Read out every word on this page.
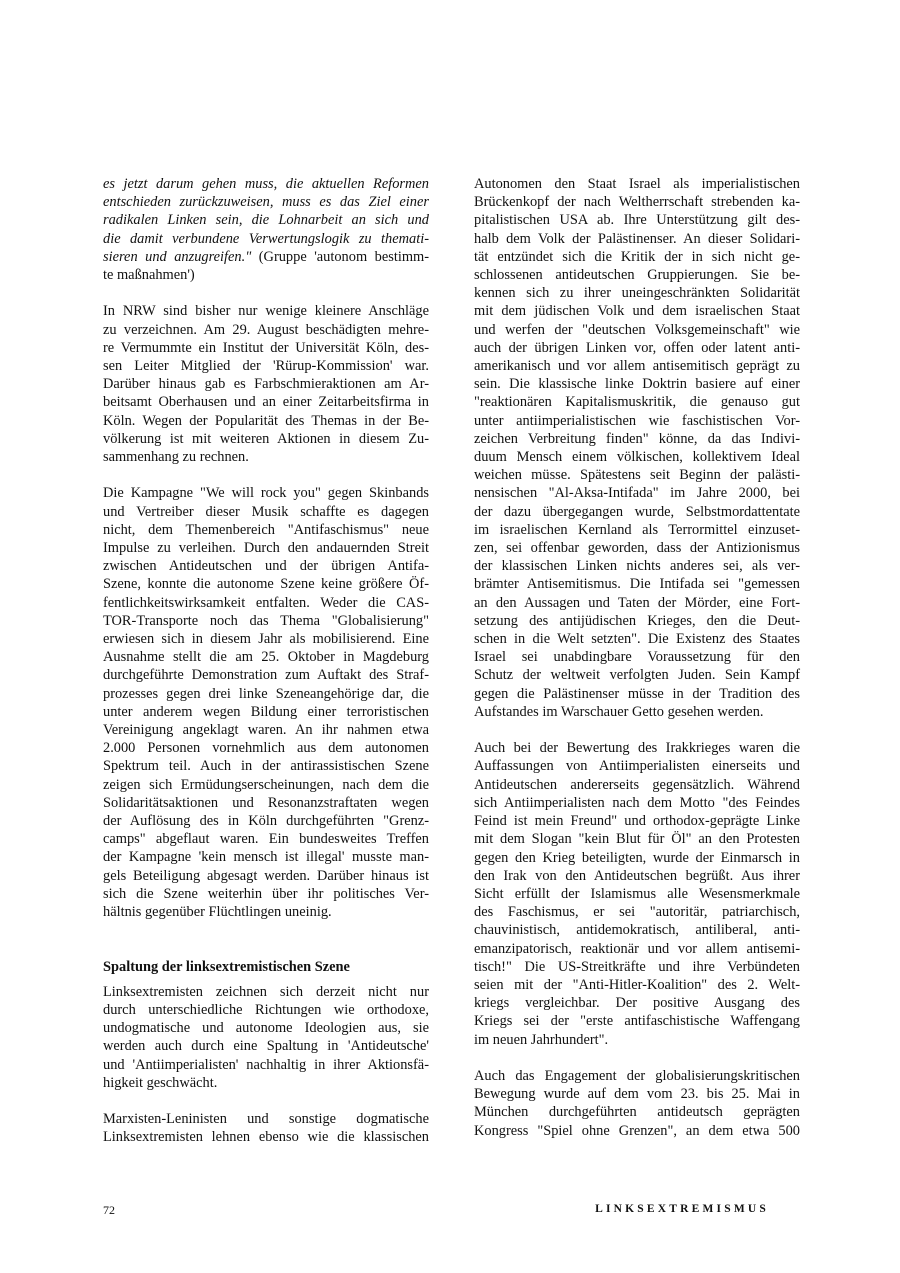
es jetzt darum gehen muss, die aktuellen Reformen
entschieden zurückzuweisen, muss es das Ziel einer
radikalen Linken sein, die Lohnarbeit an sich und
die damit verbundene Verwertungslogik zu themati-
sieren und anzugreifen." (Gruppe 'autonom bestimm-
te maßnahmen')
In NRW sind bisher nur wenige kleinere Anschläge
zu verzeichnen. Am 29. August beschädigten mehre-
re Vermummte ein Institut der Universität Köln, des-
sen Leiter Mitglied der 'Rürup-Kommission' war.
Darüber hinaus gab es Farbschmieraktionen am Ar-
beitsamt Oberhausen und an einer Zeitarbeitsfirma in
Köln. Wegen der Popularität des Themas in der Be-
völkerung ist mit weiteren Aktionen in diesem Zu-
sammenhang zu rechnen.
Die Kampagne "We will rock you" gegen Skinbands
und Vertreiber dieser Musik schaffte es dagegen
nicht, dem Themenbereich "Antifaschismus" neue
Impulse zu verleihen. Durch den andauernden Streit
zwischen Antideutschen und der übrigen Antifa-
Szene, konnte die autonome Szene keine größere Öf-
fentlichkeitswirksamkeit entfalten. Weder die CAS-
TOR-Transporte noch das Thema "Globalisierung"
erwiesen sich in diesem Jahr als mobilisierend. Eine
Ausnahme stellt die am 25. Oktober in Magdeburg
durchgeführte Demonstration zum Auftakt des Straf-
prozesses gegen drei linke Szeneangehörige dar, die
unter anderem wegen Bildung einer terroristischen
Vereinigung angeklagt waren. An ihr nahmen etwa
2.000 Personen vornehmlich aus dem autonomen
Spektrum teil. Auch in der antirassistischen Szene
zeigen sich Ermüdungserscheinungen, nach dem die
Solidaritätsaktionen und Resonanzstraftaten wegen
der Auflösung des in Köln durchgeführten "Grenz-
camps" abgeflaut waren. Ein bundesweites Treffen
der Kampagne 'kein mensch ist illegal' musste man-
gels Beteiligung abgesagt werden. Darüber hinaus ist
sich die Szene weiterhin über ihr politisches Ver-
hältnis gegenüber Flüchtlingen uneinig.
Spaltung der linksextremistischen Szene
Linksextremisten zeichnen sich derzeit nicht nur
durch unterschiedliche Richtungen wie orthodoxe,
undogmatische und autonome Ideologien aus, sie
werden auch durch eine Spaltung in 'Antideutsche'
und 'Antiimperialisten' nachhaltig in ihrer Aktionsfä-
higkeit geschwächt.
Marxisten-Leninisten und sonstige dogmatische
Linksextremisten lehnen ebenso wie die klassischen
Autonomen den Staat Israel als imperialistischen
Brückenkopf der nach Weltherrschaft strebenden ka-
pitalistischen USA ab. Ihre Unterstützung gilt des-
halb dem Volk der Palästinenser. An dieser Solidari-
tät entzündet sich die Kritik der in sich nicht ge-
schlossenen antideutschen Gruppierungen. Sie be-
kennen sich zu ihrer uneingeschränkten Solidarität
mit dem jüdischen Volk und dem israelischen Staat
und werfen der "deutschen Volksgemeinschaft" wie
auch der übrigen Linken vor, offen oder latent anti-
amerikanisch und vor allem antisemitisch geprägt zu
sein. Die klassische linke Doktrin basiere auf einer
"reaktionären Kapitalismuskritik, die genauso gut
unter antiimperialistischen wie faschistischen Vor-
zeichen Verbreitung finden" könne, da das Indivi-
duum Mensch einem völkischen, kollektivem Ideal
weichen müsse. Spätestens seit Beginn der palästi-
nensischen "Al-Aksa-Intifada" im Jahre 2000, bei
der dazu übergegangen wurde, Selbstmordattentate
im israelischen Kernland als Terrormittel einzuset-
zen, sei offenbar geworden, dass der Antizionismus
der klassischen Linken nichts anderes sei, als ver-
brämter Antisemitismus. Die Intifada sei "gemessen
an den Aussagen und Taten der Mörder, eine Fort-
setzung des antijüdischen Krieges, den die Deut-
schen in die Welt setzten". Die Existenz des Staates
Israel sei unabdingbare Voraussetzung für den
Schutz der weltweit verfolgten Juden. Sein Kampf
gegen die Palästinenser müsse in der Tradition des
Aufstandes im Warschauer Getto gesehen werden.
Auch bei der Bewertung des Irakkrieges waren die
Auffassungen von Antiimperialisten einerseits und
Antideutschen andererseits gegensätzlich. Während
sich Antiimperialisten nach dem Motto "des Feindes
Feind ist mein Freund" und orthodox-geprägte Linke
mit dem Slogan "kein Blut für Öl" an den Protesten
gegen den Krieg beteiligten, wurde der Einmarsch in
den Irak von den Antideutschen begrüßt. Aus ihrer
Sicht erfüllt der Islamismus alle Wesensmerkmale
des Faschismus, er sei "autoritär, patriarchisch,
chauvinistisch, antidemokratisch, antiliberal, anti-
emanzipatorisch, reaktionär und vor allem antisemi-
tisch!" Die US-Streitkräfte und ihre Verbündeten
seien mit der "Anti-Hitler-Koalition" des 2. Welt-
kriegs vergleichbar. Der positive Ausgang des
Kriegs sei der "erste antifaschistische Waffengang
im neuen Jahrhundert".
Auch das Engagement der globalisierungskritischen
Bewegung wurde auf dem vom 23. bis 25. Mai in
München durchgeführten antideutsch geprägten
Kongress "Spiel ohne Grenzen", an dem etwa 500
72	LINKSEXTREMISMUS
